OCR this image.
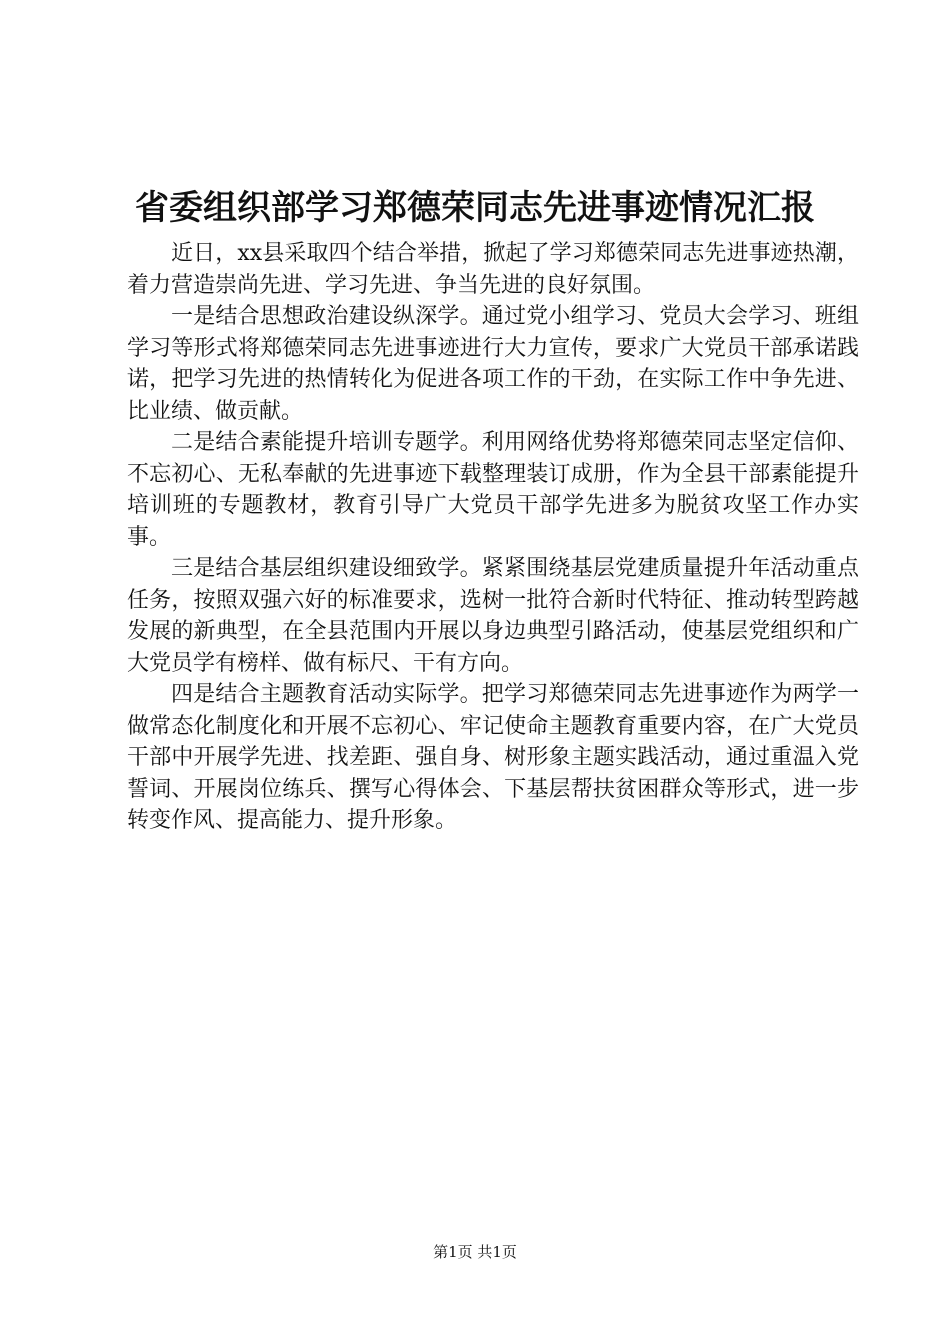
省委组织部学习郑德荣同志先进事迹情况汇报

近日，xx县采取四个结合举措，掀起了学习郑德荣同志先进事迹热潮，着力营造崇尚先进、学习先进、争当先进的良好氛围。

一是结合思想政治建设纵深学。通过党小组学习、党员大会学习、班组学习等形式将郑德荣同志先进事迹进行大力宣传，要求广大党员干部承诺践诺，把学习先进的热情转化为促进各项工作的干劲，在实际工作中争先进、比业绩、做贡献。

二是结合素能提升培训专题学。利用网络优势将郑德荣同志坚定信仰、不忘初心、无私奉献的先进事迹下载整理装订成册，作为全县干部素能提升培训班的专题教材，教育引导广大党员干部学先进多为脱贫攻坚工作办实事。

三是结合基层组织建设细致学。紧紧围绕基层党建质量提升年活动重点任务，按照双强六好的标准要求，选树一批符合新时代特征、推动转型跨越发展的新典型，在全县范围内开展以身边典型引路活动，使基层党组织和广大党员学有榜样、做有标尺、干有方向。

四是结合主题教育活动实际学。把学习郑德荣同志先进事迹作为两学一做常态化制度化和开展不忘初心、牢记使命主题教育重要内容，在广大党员干部中开展学先进、找差距、强自身、树形象主题实践活动，通过重温入党誓词、开展岗位练兵、撰写心得体会、下基层帮扶贫困群众等形式，进一步转变作风、提高能力、提升形象。

第1页 共1页
